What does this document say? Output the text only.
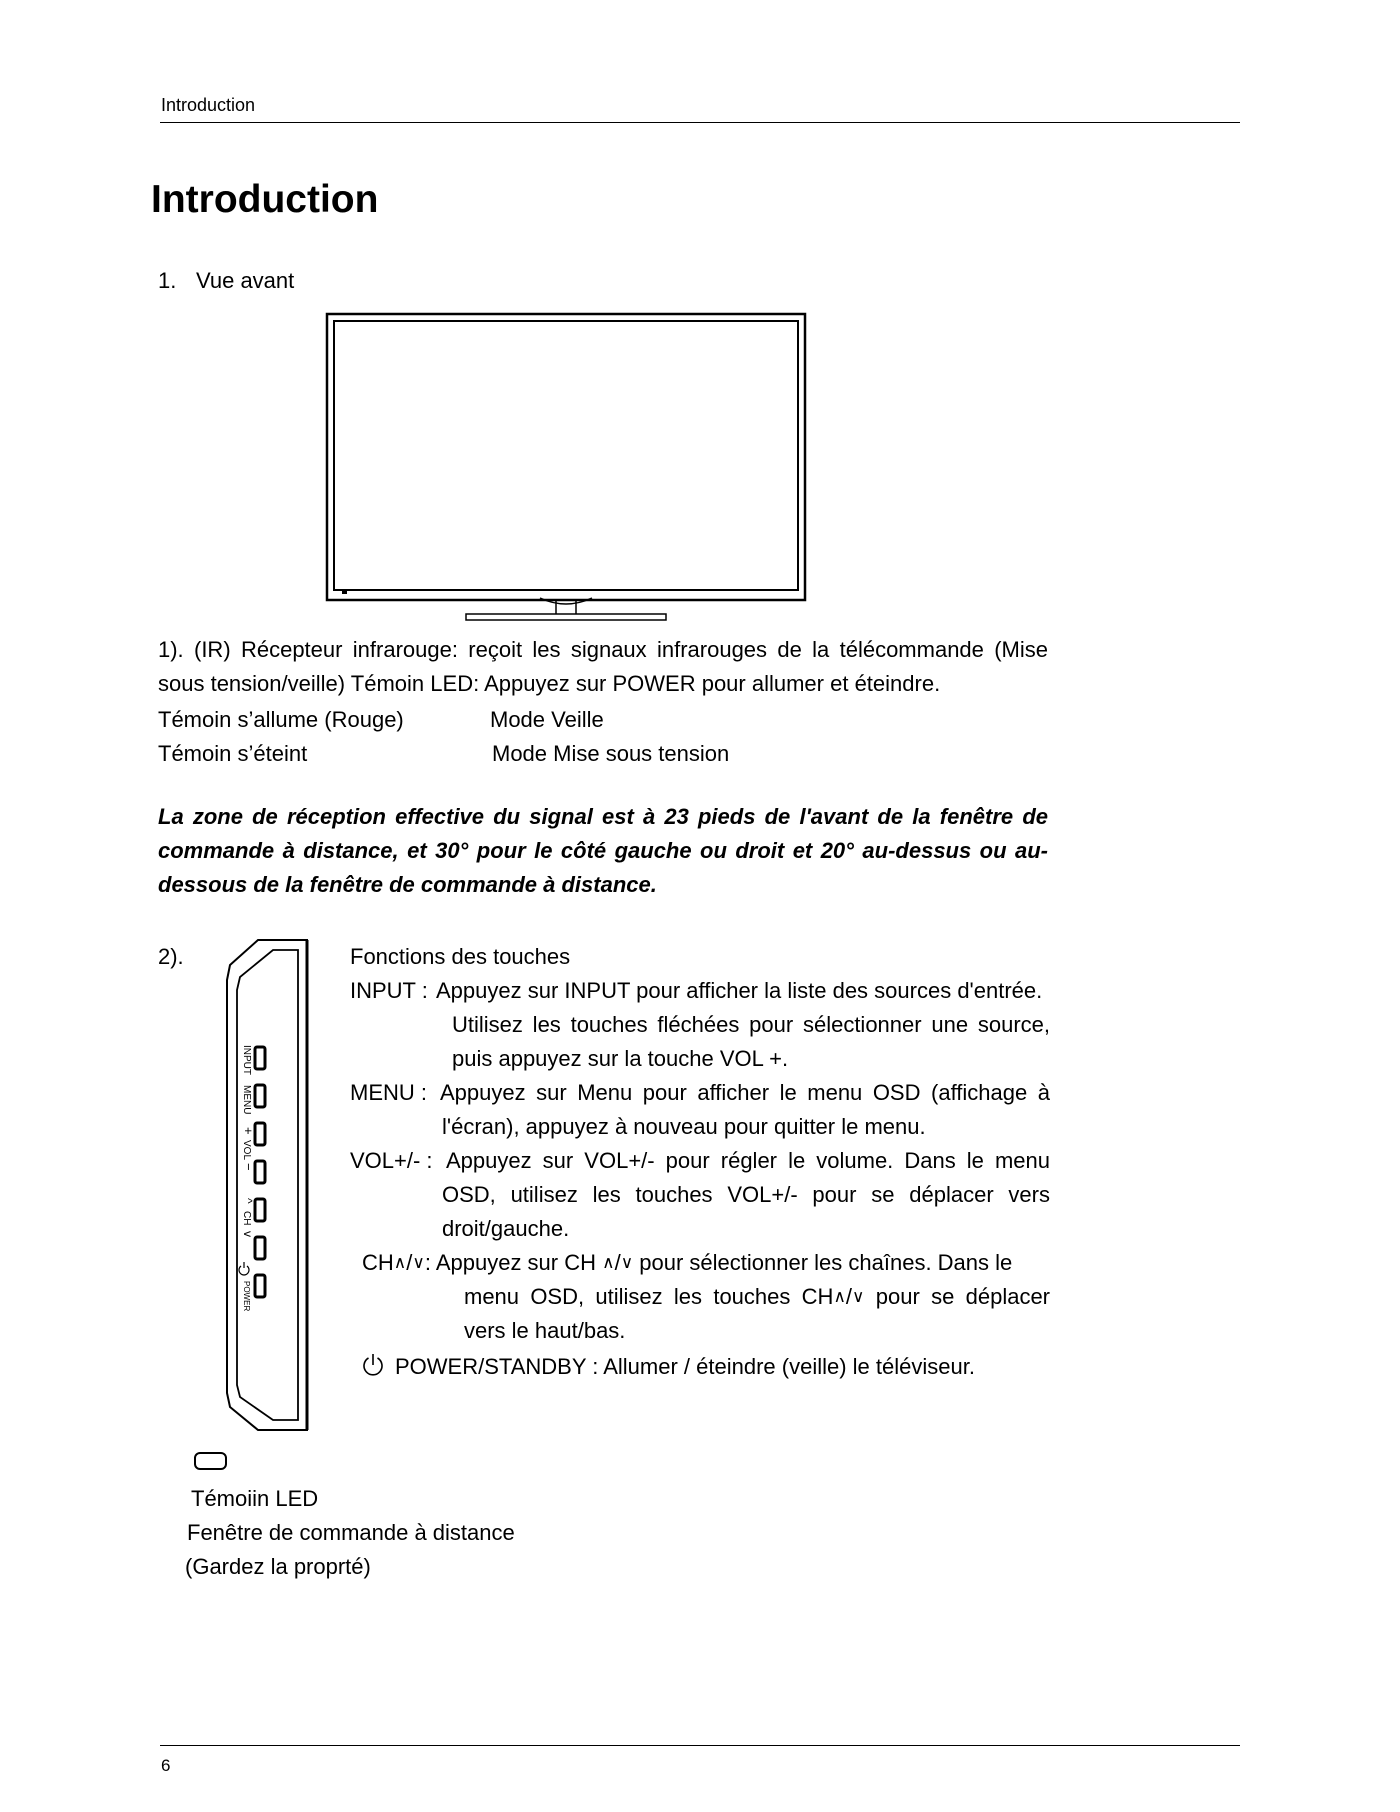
Introduction
Introduction
1. Vue avant
1). (IR) Récepteur infrarouge: reçoit les signaux infrarouges de la télécommande (Mise sous tension/veille) Témoin LED: Appuyez sur POWER pour allumer et éteindre.
Témoin s’allume (Rouge)	Mode Veille
Témoin s’éteint	Mode Mise sous tension
La zone de réception effective du signal est à 23 pieds de l'avant de la fenêtre de commande à distance, et 30° pour le côté gauche ou droit et 20° au-dessus ou au-dessous de la fenêtre de commande à distance.
2).
INPUT
MENU
+
VOL
−
^
CH
v
POWER
Fonctions des touches
INPUT : Appuyez sur INPUT pour afficher la liste des sources d'entrée.
Utilisez les touches fléchées pour sélectionner une source, puis appuyez sur la touche VOL +.
MENU : Appuyez sur Menu pour afficher le menu OSD (affichage à
l'écran), appuyez à nouveau pour quitter le menu.
VOL+/- : Appuyez sur VOL+/- pour régler le volume. Dans le menu
OSD, utilisez les touches VOL+/- pour se déplacer vers droit/gauche.
CH∧/∨: Appuyez sur CH ∧/∨ pour sélectionner les chaînes. Dans le
menu OSD, utilisez les touches CH∧/∨ pour se déplacer
vers le haut/bas.
POWER/STANDBY : Allumer / éteindre (veille) le téléviseur.
Témoiin LED
Fenêtre de commande à distance
(Gardez la proprté)
6
